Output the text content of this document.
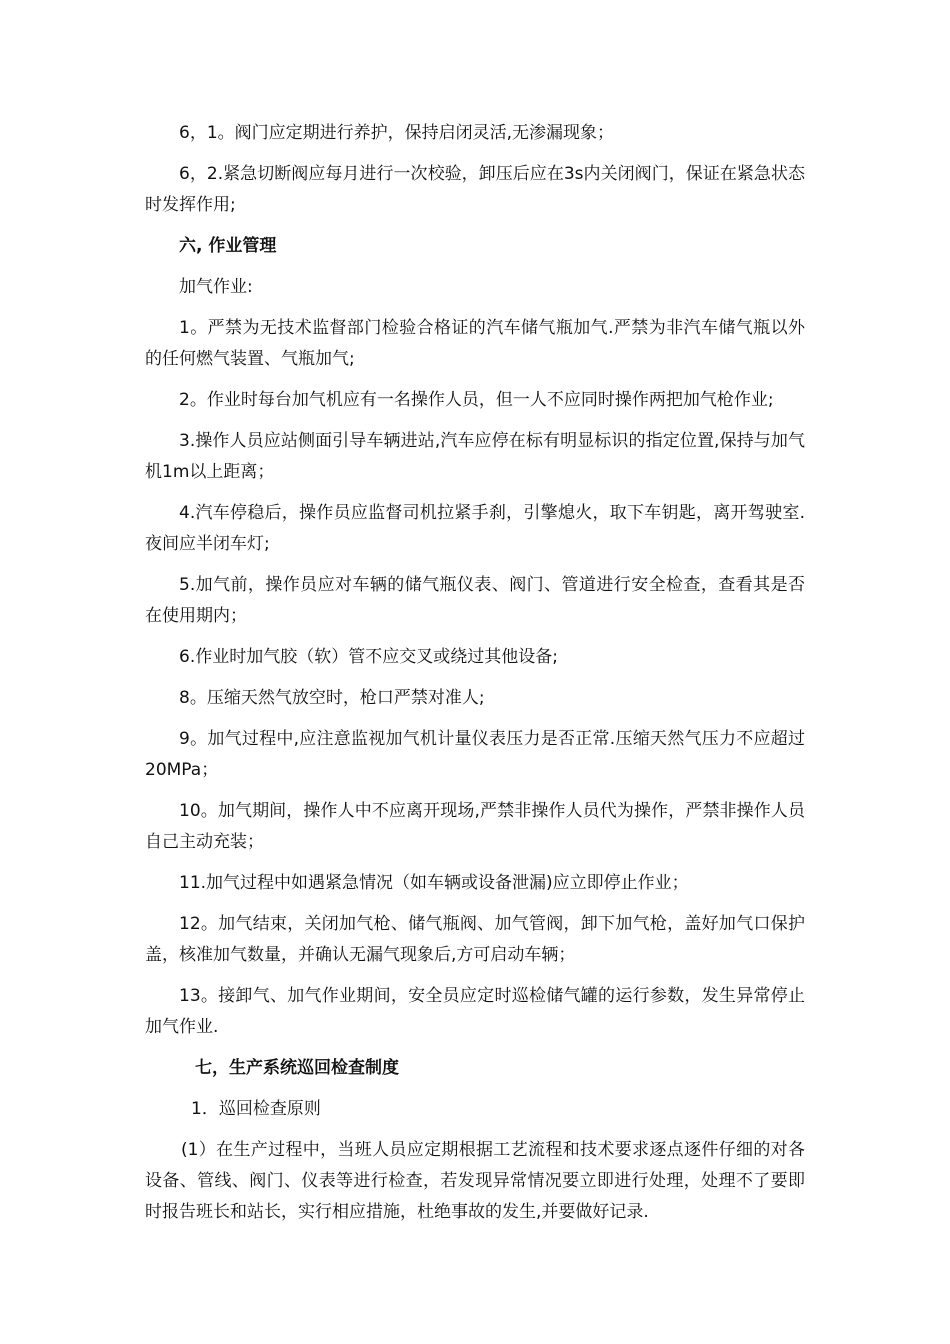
6，1。阀门应定期进行养护，保持启闭灵活,无渗漏现象；

6，2.紧急切断阀应每月进行一次校验，卸压后应在3s内关闭阀门，保证在紧急状态时发挥作用;

六, 作业管理

加气作业:

1。严禁为无技术监督部门检验合格证的汽车储气瓶加气.严禁为非汽车储气瓶以外的任何燃气装置、气瓶加气;

2。作业时每台加气机应有一名操作人员，但一人不应同时操作两把加气枪作业;

3.操作人员应站侧面引导车辆进站,汽车应停在标有明显标识的指定位置,保持与加气机1m以上距离；

4.汽车停稳后，操作员应监督司机拉紧手刹，引擎熄火，取下车钥匙，离开驾驶室.夜间应半闭车灯;

5.加气前，操作员应对车辆的储气瓶仪表、阀门、管道进行安全检查，查看其是否在使用期内；

6.作业时加气胶（软）管不应交叉或绕过其他设备;

8。压缩天然气放空时，枪口严禁对准人;

9。加气过程中,应注意监视加气机计量仪表压力是否正常.压缩天然气压力不应超过20MPa；

10。加气期间，操作人中不应离开现场,严禁非操作人员代为操作，严禁非操作人员自己主动充装；

11.加气过程中如遇紧急情况（如车辆或设备泄漏)应立即停止作业；

12。加气结束，关闭加气枪、储气瓶阀、加气管阀，卸下加气枪，盖好加气口保护盖，核准加气数量，并确认无漏气现象后,方可启动车辆；

13。接卸气、加气作业期间，安全员应定时巡检储气罐的运行参数，发生异常停止加气作业.

七，生产系统巡回检查制度

1．巡回检查原则

(1）在生产过程中，当班人员应定期根据工艺流程和技术要求逐点逐件仔细的对各设备、管线、阀门、仪表等进行检查，若发现异常情况要立即进行处理，处理不了要即时报告班长和站长，实行相应措施，杜绝事故的发生,并要做好记录.
